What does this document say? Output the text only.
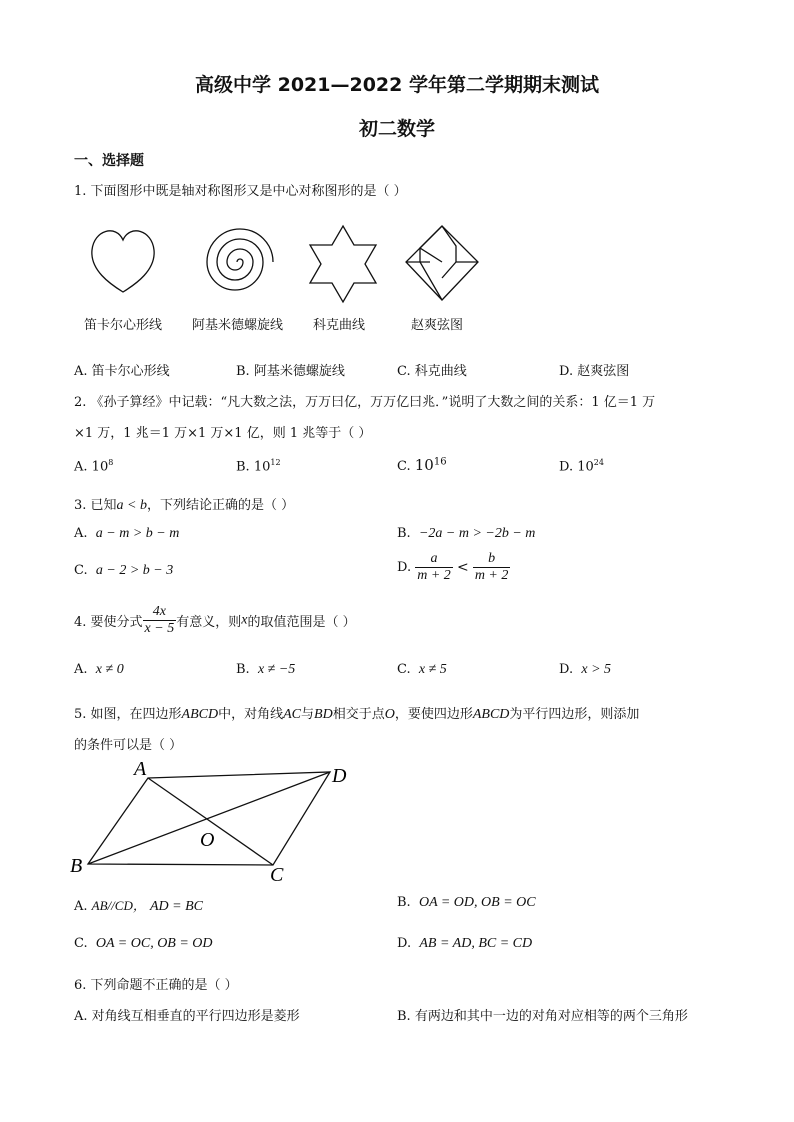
高级中学 2021—2022 学年第二学期期末测试
初二数学
一、选择题
1. 下面图形中既是轴对称图形又是中心对称图形的是（ ）
笛卡尔心形线 阿基米德螺旋线 科克曲线	赵爽弦图
A. 笛卡尔心形线	B. 阿基米德螺旋线	C. 科克曲线	D. 赵爽弦图
2. 《孙子算经》中记载：“凡大数之法，万万曰亿，万万亿曰兆．”说明了大数之间的关系：1 亿＝1 万
×1 万，1 兆＝1 万×1 万×1 亿，则 1 兆等于（ ）
A. $10^8$	B. $10^{12}$	C. $10^{16}$	D. $10^{24}$
3. 已知a < b，下列结论正确的是（ ）
A. a − m > b − m	B. −2a − m > −2b − m
C. a − 2 > b − 3	D. $\frac{a}{m + 2} < \frac{b}{m + 2}$
4. 要使分式 $\frac{4x}{x - 5}$ 有意义，则x的取值范围是（ ）
A. x ≠ 0	B. x ≠ −5	C. x ≠ 5	D. x > 5
5. 如图，在四边形ABCD中，对角线AC与BD相交于点O，要使四边形ABCD为平行四边形，则添加
的条件可以是（ ）
A	D
O
B	C
A. AB//CD， AD = BC	B. OA = OD, OB = OC
C. OA = OC, OB = OD	D. AB = AD, BC = CD
6. 下列命题不正确的是（ ）
A. 对角线互相垂直的平行四边形是菱形	B. 有两边和其中一边的对角对应相等的两个三角形
